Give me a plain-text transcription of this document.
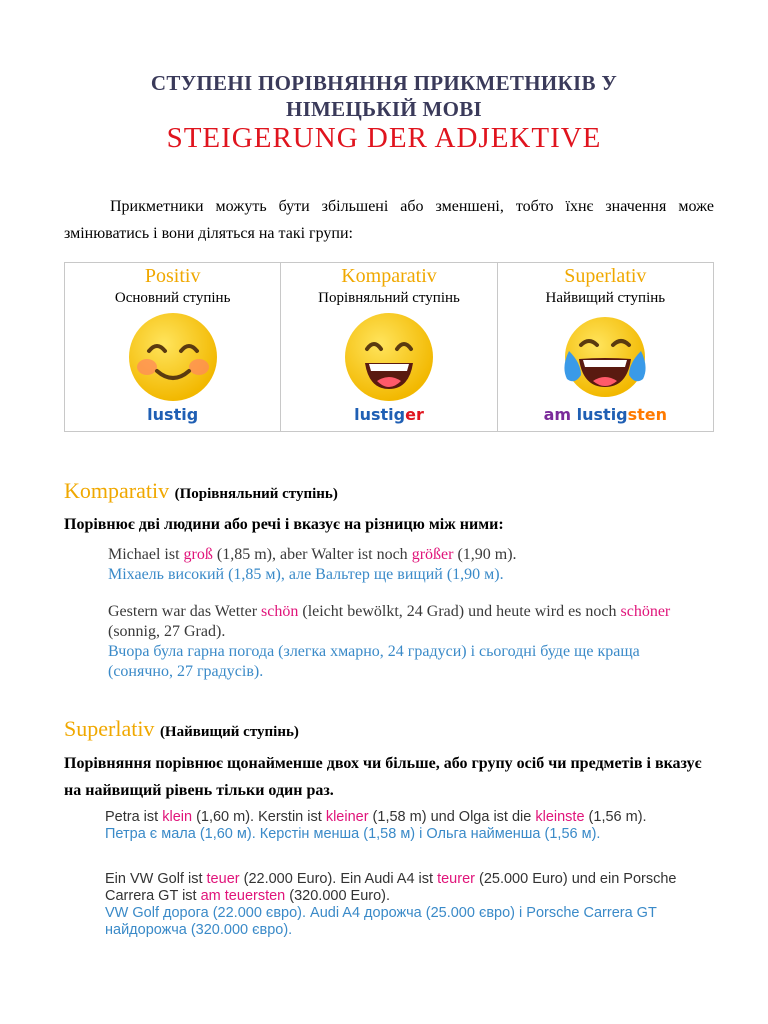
СТУПЕНІ ПОРІВНЯННЯ ПРИКМЕТНИКІВ У
НІМЕЦЬКІЙ МОВІ
STEIGERUNG DER ADJEKTIVE
Прикметники можуть бути збільшені або зменшені, тобто їхнє значення може змінюватись і вони діляться на такі групи:
Positiv
Основний ступінь
lustig

Komparativ
Порівняльний ступінь
lustiger

Superlativ
Найвищий ступінь
am lustigsten
Komparativ (Порівняльний ступінь)
Порівнює дві людини або речі і вказує на різницю між ними:
Michael ist groß (1,85 m), aber Walter ist noch größer (1,90 m).
Міхаель високий (1,85 м), але Вальтер ще вищий (1,90 м).
Gestern war das Wetter schön (leicht bewölkt, 24 Grad) und heute wird es noch schöner (sonnig, 27 Grad).
Вчора була гарна погода (злегка хмарно, 24 градуси) і сьогодні буде ще краща (сонячно, 27 градусів).
Superlativ (Найвищий ступінь)
Порівняння порівнює щонайменше двох чи більше, або групу осіб чи предметів і вказує на найвищий рівень тільки один раз.
Petra ist klein (1,60 m). Kerstin ist kleiner (1,58 m) und Olga ist die kleinste (1,56 m).
Петра є мала (1,60 м). Керстін менша (1,58 м) і Ольга найменша (1,56 м).
Ein VW Golf ist teuer (22.000 Euro). Ein Audi A4 ist teurer (25.000 Euro) und ein Porsche Carrera GT ist am teuersten (320.000 Euro).
VW Golf дорога (22.000 євро). Audi A4 дорожча (25.000 євро) і Porsche Carrera GT найдорожча (320.000 євро).
